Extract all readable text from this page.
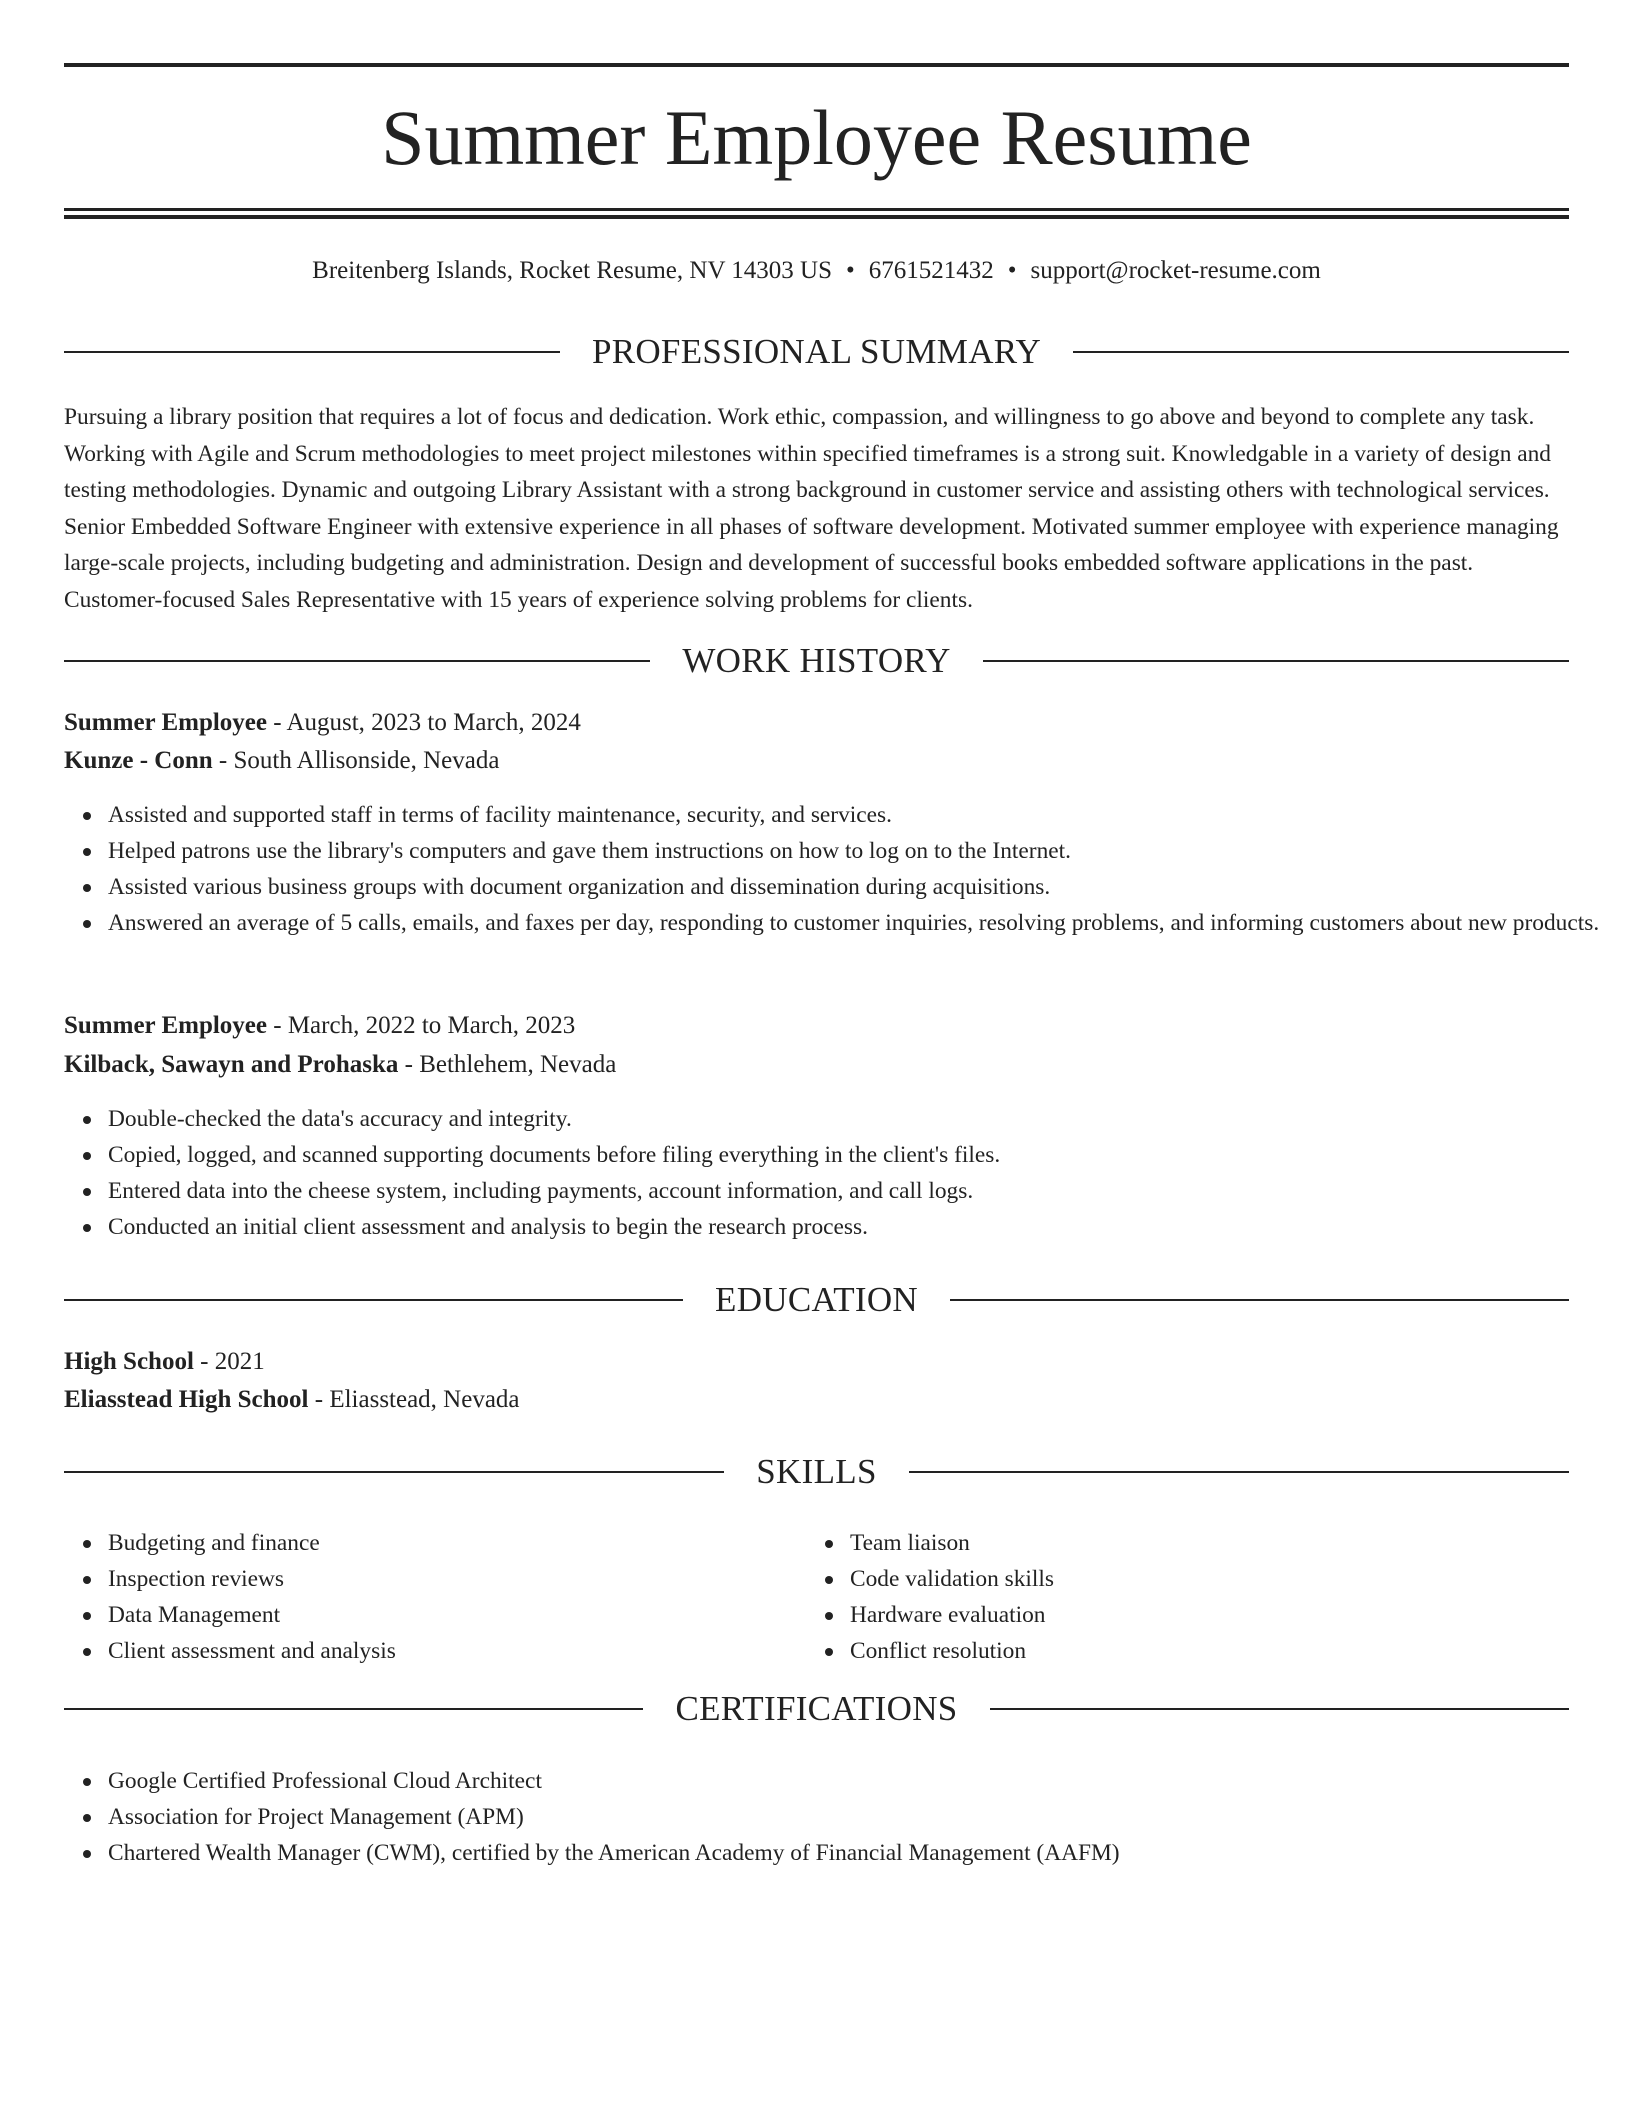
Summer Employee Resume
Breitenberg Islands, Rocket Resume, NV 14303 US • 6761521432 • support@rocket-resume.com
PROFESSIONAL SUMMARY

Pursuing a library position that requires a lot of focus and dedication. Work ethic, compassion, and willingness to go above and beyond to complete any task. Working with Agile and Scrum methodologies to meet project milestones within specified timeframes is a strong suit. Knowledgable in a variety of design and testing methodologies. Dynamic and outgoing Library Assistant with a strong background in customer service and assisting others with technological services. Senior Embedded Software Engineer with extensive experience in all phases of software development. Motivated summer employee with experience managing large-scale projects, including budgeting and administration. Design and development of successful books embedded software applications in the past. Customer-focused Sales Representative with 15 years of experience solving problems for clients.

WORK HISTORY
Summer Employee - August, 2023 to March, 2024
Kunze - Conn - South Allisonside, Nevada
Assisted and supported staff in terms of facility maintenance, security, and services.
Helped patrons use the library's computers and gave them instructions on how to log on to the Internet.
Assisted various business groups with document organization and dissemination during acquisitions.
Answered an average of 5 calls, emails, and faxes per day, responding to customer inquiries, resolving problems, and informing customers about new products.
Summer Employee - March, 2022 to March, 2023
Kilback, Sawayn and Prohaska - Bethlehem, Nevada
Double-checked the data's accuracy and integrity.
Copied, logged, and scanned supporting documents before filing everything in the client's files.
Entered data into the cheese system, including payments, account information, and call logs.
Conducted an initial client assessment and analysis to begin the research process.
EDUCATION
High School - 2021
Eliasstead High School - Eliasstead, Nevada
SKILLS
Budgeting and finance
Inspection reviews
Data Management
Client assessment and analysis
Team liaison
Code validation skills
Hardware evaluation
Conflict resolution
CERTIFICATIONS
Google Certified Professional Cloud Architect
Association for Project Management (APM)
Chartered Wealth Manager (CWM), certified by the American Academy of Financial Management (AAFM)
